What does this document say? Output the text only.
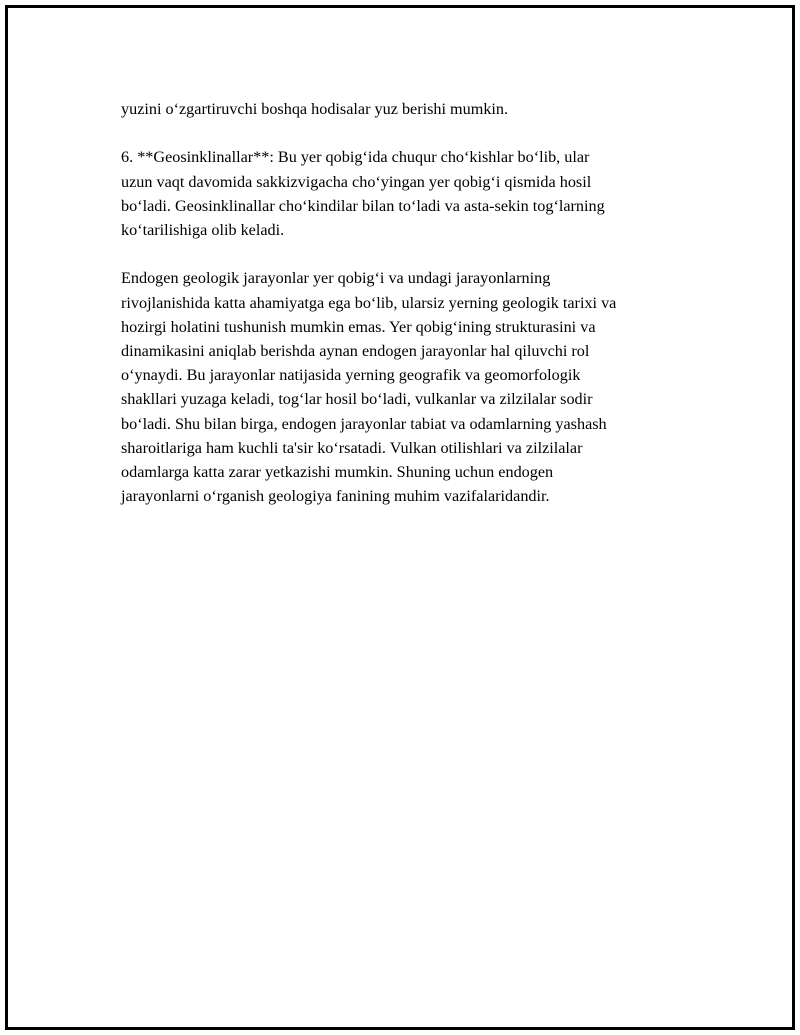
yuzini o‘zgartiruvchi boshqa hodisalar yuz berishi mumkin.

6. **Geosinklinallar**: Bu yer qobig‘ida chuqur cho‘kishlar bo‘lib, ular
uzun vaqt davomida sakkizvigacha cho‘yingan yer qobig‘i qismida hosil
bo‘ladi. Geosinklinallar cho‘kindilar bilan to‘ladi va asta-sekin tog‘larning
ko‘tarilishiga olib keladi.

Endogen geologik jarayonlar yer qobig‘i va undagi jarayonlarning
rivojlanishida katta ahamiyatga ega bo‘lib, ularsiz yerning geologik tarixi va
hozirgi holatini tushunish mumkin emas. Yer qobig‘ining strukturasini va
dinamikasini aniqlab berishda aynan endogen jarayonlar hal qiluvchi rol
o‘ynaydi. Bu jarayonlar natijasida yerning geografik va geomorfologik
shakllari yuzaga keladi, tog‘lar hosil bo‘ladi, vulkanlar va zilzilalar sodir
bo‘ladi. Shu bilan birga, endogen jarayonlar tabiat va odamlarning yashash
sharoitlariga ham kuchli ta'sir ko‘rsatadi. Vulkan otilishlari va zilzilalar
odamlarga katta zarar yetkazishi mumkin. Shuning uchun endogen
jarayonlarni o‘rganish geologiya fanining muhim vazifalaridandir.
